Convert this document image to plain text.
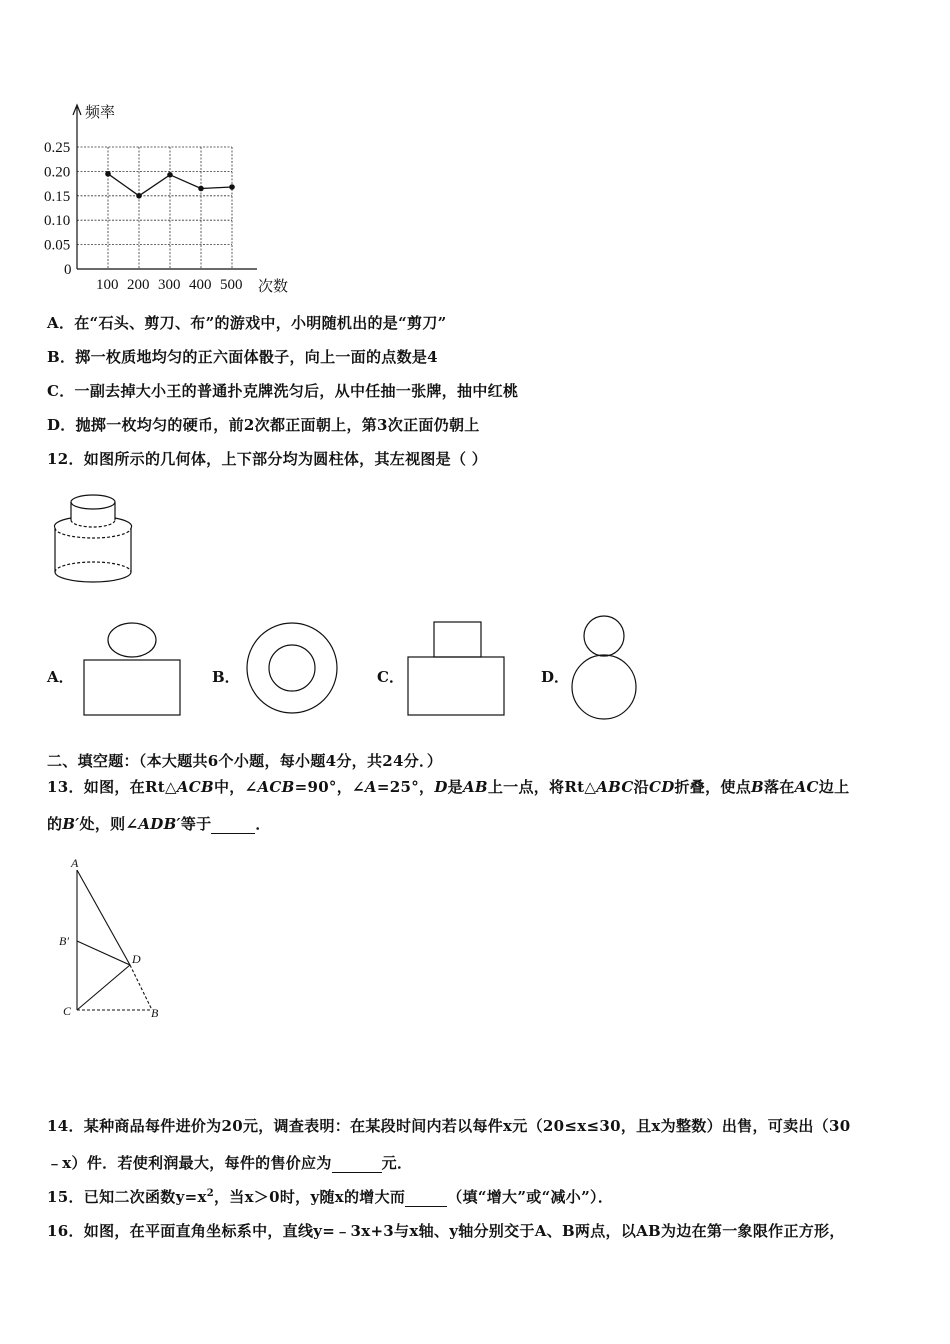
0.25
0.20
0.15
0.10
0.05
0
100 200 300 400 500
频率
次数
A．在“石头、剪刀、布”的游戏中，小明随机出的是“剪刀”
B．掷一枚质地均匀的正六面体骰子，向上一面的点数是4
C．一副去掉大小王的普通扑克牌洗匀后，从中任抽一张牌，抽中红桃
D．抛掷一枚均匀的硬币，前2次都正面朝上，第3次正面仍朝上
12．如图所示的几何体，上下部分均为圆柱体，其左视图是（ ）
A．	B．	C．	D．
二、填空题：（本大题共6个小题，每小题4分，共24分．）
13．如图，在Rt△ACB中，∠ACB=90°，∠A=25°，D是AB上一点，将Rt△ABC沿CD折叠，使点B落在AC边上
的B′处，则∠ADB′等于	．
A
B′
D
C	B
14．某种商品每件进价为20元，调查表明：在某段时间内若以每件x元（20≤x≤30，且x为整数）出售，可卖出（30
﹣x）件．若使利润最大，每件的售价应为	元．
15．已知二次函数$y=x^2$，当x＞0时，y随x的增大而	（填“增大”或“减小”）．
16．如图，在平面直角坐标系中，直线y=﹣3x+3与x轴、y轴分别交于A、B两点，以AB为边在第一象限作正方形，
